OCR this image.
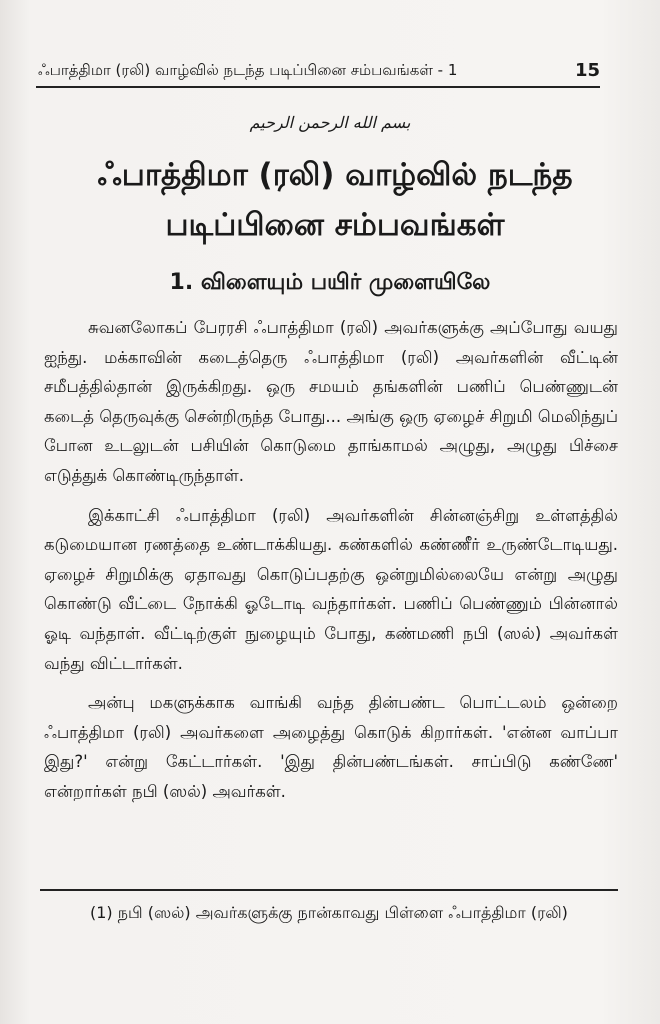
ஃபாத்திமா (ரலி) வாழ்வில் நடந்த படிப்பினை சம்பவங்கள் - 1	15
بسم الله الرحمن الرحيم
ஃபாத்திமா (ரலி) வாழ்வில் நடந்த
படிப்பினை சம்பவங்கள்
1. விளையும் பயிர் முளையிலே

சுவனலோகப் பேரரசி ஃபாத்திமா (ரலி) அவர்களுக்கு அப்போது வயது ஐந்து. மக்காவின் கடைத்தெரு ஃபாத்திமா (ரலி) அவர்களின் வீட்டின் சமீபத்தில்தான் இருக்கிறது. ஒரு சமயம் தங்களின் பணிப் பெண்ணுடன் கடைத் தெருவுக்கு சென்றிருந்த போது... அங்கு ஒரு ஏழைச் சிறுமி மெலிந்துப் போன உடலுடன் பசியின் கொடுமை தாங்காமல் அழுது, அழுது பிச்சை எடுத்துக் கொண்டிருந்தாள்.

இக்காட்சி ஃபாத்திமா (ரலி) அவர்களின் சின்னஞ்சிறு உள்ளத்தில் கடுமையான ரணத்தை உண்டாக்கியது. கண்களில் கண்ணீர் உருண்டோடியது. ஏழைச் சிறுமிக்கு ஏதாவது கொடுப்பதற்கு ஒன்றுமில்லையே என்று அழுது கொண்டு வீட்டை நோக்கி ஓடோடி வந்தார்கள். பணிப் பெண்ணும் பின்னால் ஓடி வந்தாள். வீட்டிற்குள் நுழையும் போது, கண்மணி நபி (ஸல்) அவர்கள் வந்து விட்டார்கள்.

அன்பு மகளுக்காக வாங்கி வந்த தின்பண்ட பொட்டலம் ஒன்றை ஃபாத்திமா (ரலி) அவர்களை அழைத்து கொடுக் கிறார்கள். 'என்ன வாப்பா இது?' என்று கேட்டார்கள். 'இது தின்பண்டங்கள். சாப்பிடு கண்ணே' என்றார்கள் நபி (ஸல்) அவர்கள்.

(1) நபி (ஸல்) அவர்களுக்கு நான்காவது பிள்ளை ஃபாத்திமா (ரலி)
